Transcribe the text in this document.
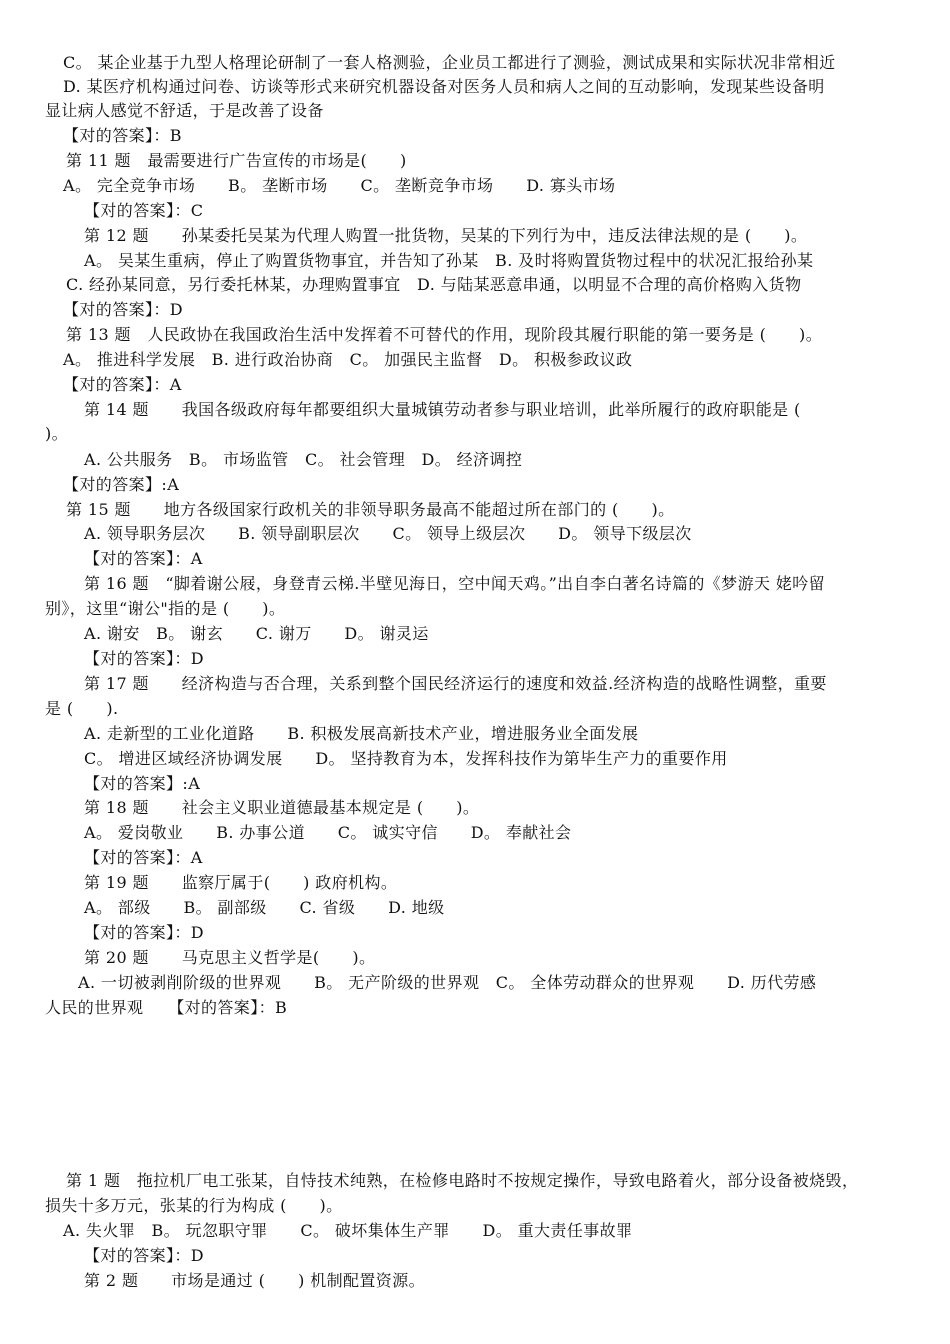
C。 某企业基于九型人格理论研制了一套人格测验，企业员工都进行了测验，测试成果和实际状况非常相近
D. 某医疗机构通过问卷、访谈等形式来研究机器设备对医务人员和病人之间的互动影响，发现某些设备明
显让病人感觉不舒适，于是改善了设备
【对的答案】：B
第 11 题　最需要进行广告宣传的市场是(　　)
A。 完全竞争市场　　B。 垄断市场　　C。 垄断竞争市场　　D. 寡头市场
【对的答案】：C
第 12 题　　孙某委托吴某为代理人购置一批货物，吴某的下列行为中，违反法律法规的是 (　　)。
A。 吴某生重病，停止了购置货物事宜，并告知了孙某　B. 及时将购置货物过程中的状况汇报给孙某
C. 经孙某同意，另行委托林某，办理购置事宜　D. 与陆某恶意串通，以明显不合理的高价格购入货物
【对的答案】：D
第 13 题　人民政协在我国政治生活中发挥着不可替代的作用，现阶段其履行职能的第一要务是 (　　)。
A。 推进科学发展　B. 进行政治协商　C。 加强民主监督　D。 积极参政议政
【对的答案】：A
第 14 题　　我国各级政府每年都要组织大量城镇劳动者参与职业培训，此举所履行的政府职能是 (
)。
A. 公共服务　B。 市场监管　C。 社会管理　D。 经济调控
【对的答案】:A
第 15 题　　地方各级国家行政机关的非领导职务最高不能超过所在部门的 (　　)。
A. 领导职务层次　　B. 领导副职层次　　C。 领导上级层次　　D。 领导下级层次
【对的答案】：A
第 16 题　“脚着谢公屐，身登青云梯.半壁见海日，空中闻天鸡。”出自李白著名诗篇的《梦游天 姥吟留
别》，这里“谢公"指的是 (　　)。
A. 谢安　B。 谢玄　　C. 谢万　　D。 谢灵运
【对的答案】：D
第 17 题　　经济构造与否合理，关系到整个国民经济运行的速度和效益.经济构造的战略性调整，重要
是 (　　).
A. 走新型的工业化道路　　B. 积极发展高新技术产业，增进服务业全面发展
C。 增进区域经济协调发展　　D。 坚持教育为本，发挥科技作为第毕生产力的重要作用
【对的答案】:A
第 18 题　　社会主义职业道德最基本规定是 (　　)。
A。 爱岗敬业　　B. 办事公道　　C。 诚实守信　　D。 奉献社会
【对的答案】：A
第 19 题　　监察厅属于(　　) 政府机构。
A。 部级　　B。 副部级　　C. 省级　　D. 地级
【对的答案】：D
第 20 题　　马克思主义哲学是(　　)。
A. 一切被剥削阶级的世界观　　B。 无产阶级的世界观　C。 全体劳动群众的世界观　　D. 历代劳感
人民的世界观　　【对的答案】：B
第 1 题　拖拉机厂电工张某，自恃技术纯熟，在检修电路时不按规定操作，导致电路着火，部分设备被烧毁，
损失十多万元，张某的行为构成 (　　)。
A. 失火罪　B。 玩忽职守罪　　C。 破坏集体生产罪　　D。 重大责任事故罪
【对的答案】：D
第 2 题　　市场是通过 (　　) 机制配置资源。
